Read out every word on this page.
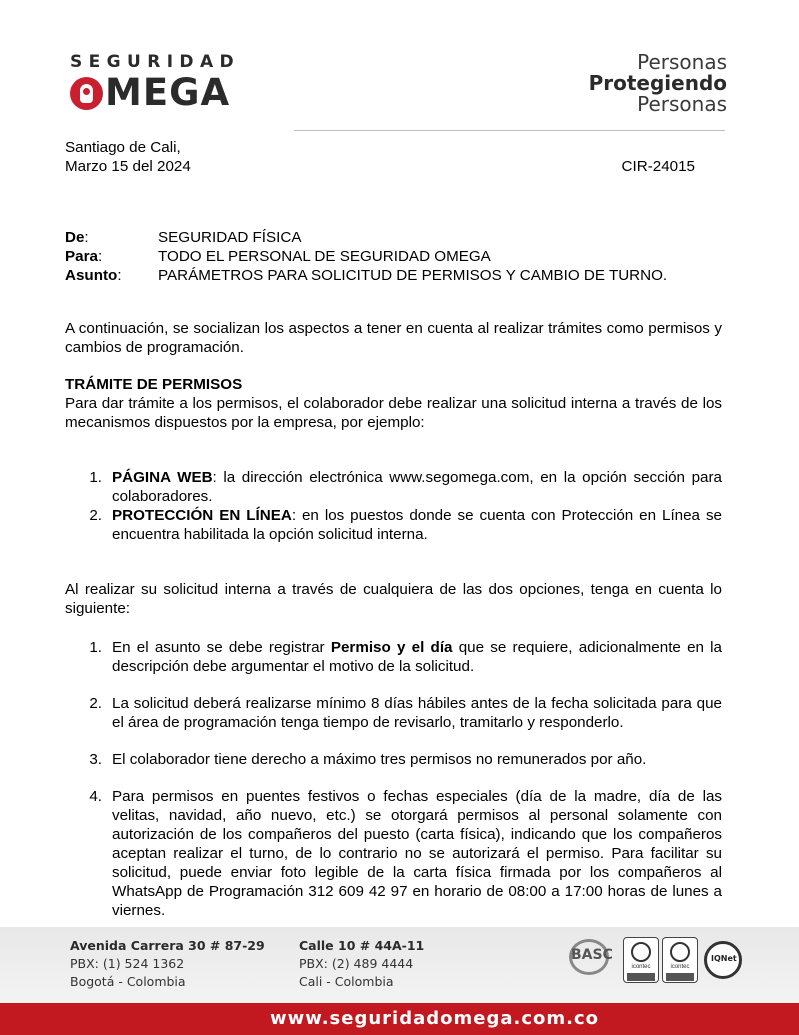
SEGURIDAD
MEGA
Personas
Protegiendo
Personas
Santiago de Cali,
Marzo 15 del 2024	CIR-24015
De:	SEGURIDAD FÍSICA
Para:	TODO EL PERSONAL DE SEGURIDAD OMEGA
Asunto:	PARÁMETROS PARA SOLICITUD DE PERMISOS Y CAMBIO DE TURNO.

A continuación, se socializan los aspectos a tener en cuenta al realizar trámites como permisos y cambios de programación.

TRÁMITE DE PERMISOS

Para dar trámite a los permisos, el colaborador debe realizar una solicitud interna a través de los mecanismos dispuestos por la empresa, por ejemplo:

1. PÁGINA WEB: la dirección electrónica www.segomega.com, en la opción sección para colaboradores.
2. PROTECCIÓN EN LÍNEA: en los puestos donde se cuenta con Protección en Línea se encuentra habilitada la opción solicitud interna.

Al realizar su solicitud interna a través de cualquiera de las dos opciones, tenga en cuenta lo siguiente:

1. En el asunto se debe registrar Permiso y el día que se requiere, adicionalmente en la descripción debe argumentar el motivo de la solicitud.
2. La solicitud deberá realizarse mínimo 8 días hábiles antes de la fecha solicitada para que el área de programación tenga tiempo de revisarlo, tramitarlo y responderlo.
3. El colaborador tiene derecho a máximo tres permisos no remunerados por año.
4. Para permisos en puentes festivos o fechas especiales (día de la madre, día de las velitas, navidad, año nuevo, etc.) se otorgará permisos al personal solamente con autorización de los compañeros del puesto (carta física), indicando que los compañeros aceptan realizar el turno, de lo contrario no se autorizará el permiso. Para facilitar su solicitud, puede enviar foto legible de la carta física firmada por los compañeros al WhatsApp de Programación 312 609 42 97 en horario de 08:00 a 17:00 horas de lunes a viernes.
Avenida Carrera 30 # 87-29
PBX: (1) 524 1362
Bogotá - Colombia
Calle 10 # 44A-11
PBX: (2) 489 4444
Cali - Colombia
BASC
icontec	icontec
IQNet
www.seguridadomega.com.co
